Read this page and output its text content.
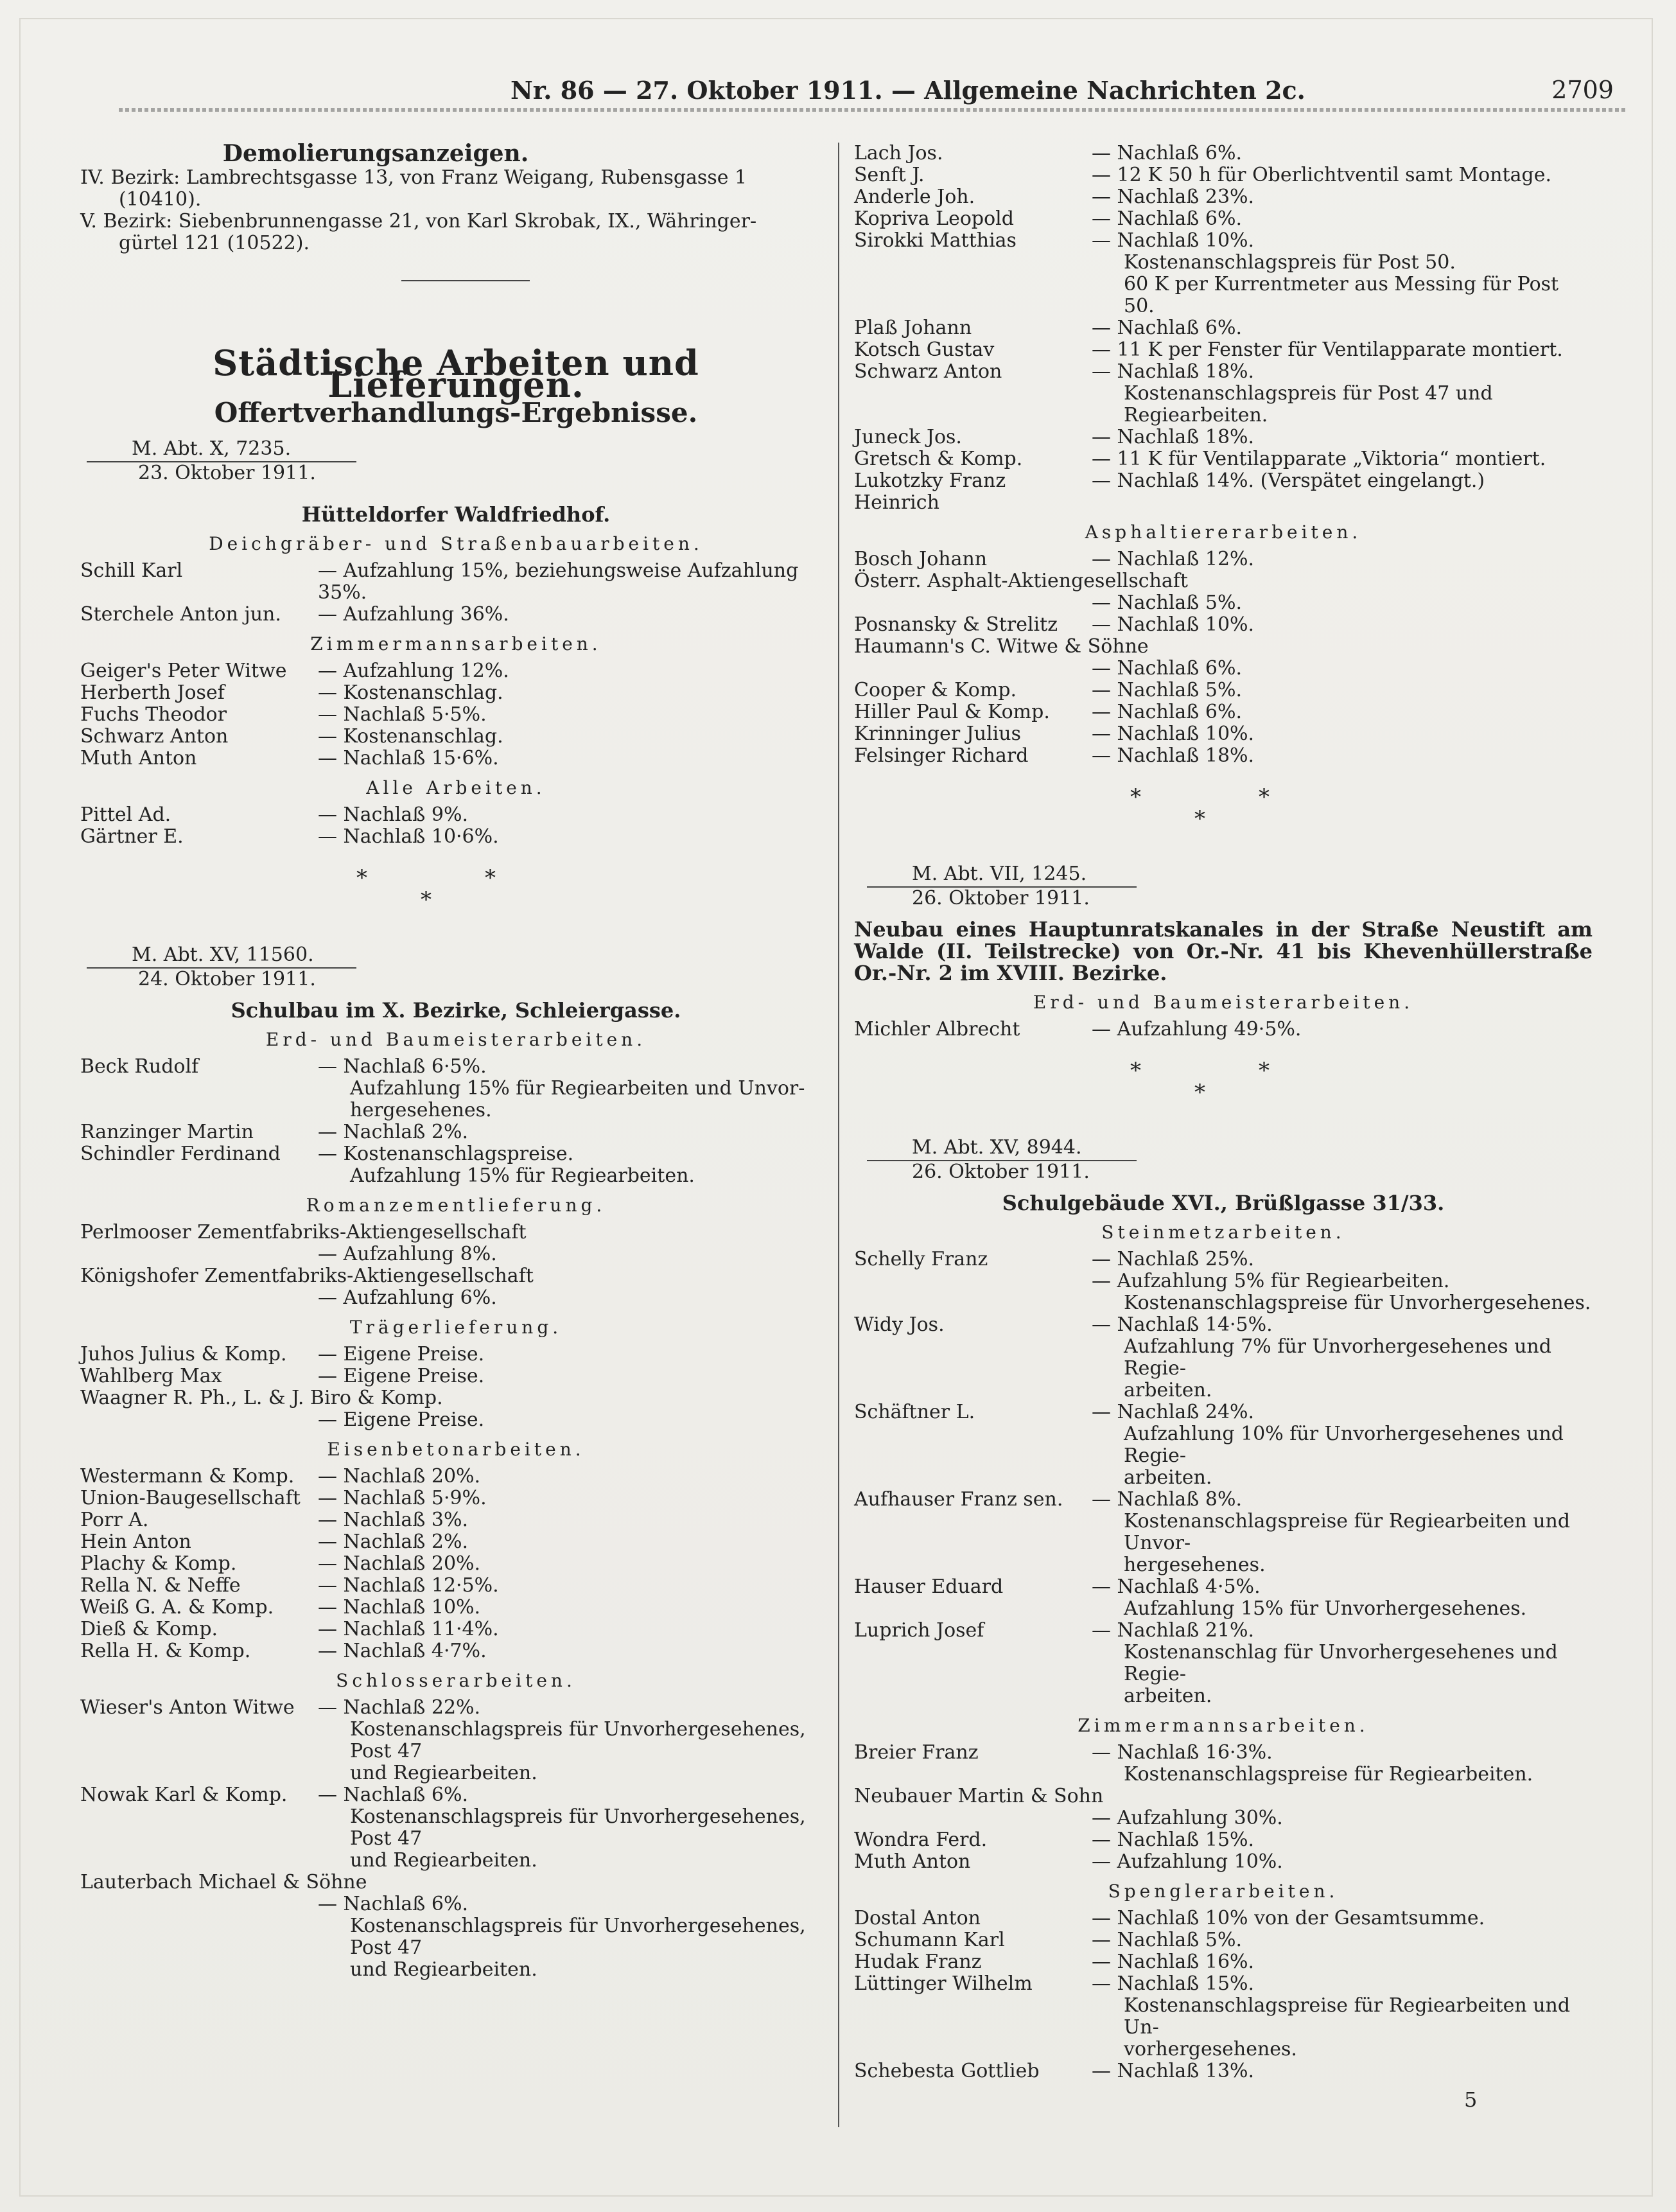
Nr. 86 — 27. Oktober 1911. — Allgemeine Nachrichten 2c.	2709
Demolierungsanzeigen.
IV. Bezirk: Lambrechtsgasse 13, von Franz Weigang, Rubensgasse 1
(10410).
V. Bezirk: Siebenbrunnengasse 21, von Karl Skrobak, IX., Währinger-
gürtel 121 (10522).
Städtische Arbeiten und Lieferungen.
Offertverhandlungs-Ergebnisse.
M. Abt. X, 7235.
23. Oktober 1911.
Hütteldorfer Waldfriedhof.
Deichgräber- und Straßenbauarbeiten.
Schill Karl	— Aufzahlung 15%, beziehungsweise Aufzahlung 35%.
Sterchele Anton jun.	— Aufzahlung 36%.
Zimmermannsarbeiten.
Geiger's Peter Witwe	— Aufzahlung 12%.
Herberth Josef	— Kostenanschlag.
Fuchs Theodor	— Nachlaß 5·5%.
Schwarz Anton	— Kostenanschlag.
Muth Anton	— Nachlaß 15·6%.
Alle Arbeiten.
Pittel Ad.	— Nachlaß 9%.
Gärtner E.	— Nachlaß 10·6%.
*
*
*
M. Abt. XV, 11560.
24. Oktober 1911.
Schulbau im X. Bezirke, Schleiergasse.
Erd- und Baumeisterarbeiten.
Beck Rudolf	— Nachlaß 6·5%.
Aufzahlung 15% für Regiearbeiten und Unvor-
hergesehenes.
Ranzinger Martin	— Nachlaß 2%.
Schindler Ferdinand	— Kostenanschlagspreise.
Aufzahlung 15% für Regiearbeiten.
Romanzementlieferung.
Perlmooser Zementfabriks-Aktiengesellschaft
— Aufzahlung 8%.
Königshofer Zementfabriks-Aktiengesellschaft
— Aufzahlung 6%.
Trägerlieferung.
Juhos Julius & Komp.	— Eigene Preise.
Wahlberg Max	— Eigene Preise.
Waagner R. Ph., L. & J. Biro & Komp.
— Eigene Preise.
Eisenbetonarbeiten.
Westermann & Komp.	— Nachlaß 20%.
Union-Baugesellschaft — Nachlaß 5·9%.
Porr A.	— Nachlaß 3%.
Hein Anton	— Nachlaß 2%.
Plachy & Komp.	— Nachlaß 20%.
Rella N. & Neffe	— Nachlaß 12·5%.
Weiß G. A. & Komp.	— Nachlaß 10%.
Dieß & Komp.	— Nachlaß 11·4%.
Rella H. & Komp.	— Nachlaß 4·7%.
Schlosserarbeiten.
Wieser's Anton Witwe	— Nachlaß 22%.
Kostenanschlagspreis für Unvorhergesehenes, Post 47
und Regiearbeiten.
Nowak Karl & Komp.	— Nachlaß 6%.
Kostenanschlagspreis für Unvorhergesehenes, Post 47
und Regiearbeiten.
Lauterbach Michael & Söhne
— Nachlaß 6%.
Kostenanschlagspreis für Unvorhergesehenes, Post 47
und Regiearbeiten.
Lach Jos.	— Nachlaß 6%.
Senft J.	— 12 K 50 h für Oberlichtventil samt Montage.
Anderle Joh.	— Nachlaß 23%.
Kopriva Leopold	— Nachlaß 6%.
Sirokki Matthias	— Nachlaß 10%.
Kostenanschlagspreis für Post 50.
60 K per Kurrentmeter aus Messing für Post 50.
Plaß Johann	— Nachlaß 6%.
Kotsch Gustav	— 11 K per Fenster für Ventilapparate montiert.
Schwarz Anton	— Nachlaß 18%.
Kostenanschlagspreis für Post 47 und Regiearbeiten.
Juneck Jos.	— Nachlaß 18%.
Gretsch & Komp.	— 11 K für Ventilapparate „Viktoria“ montiert.
Lukotzky Franz Heinrich
— Nachlaß 14%. (Verspätet eingelangt.)
Asphaltiererarbeiten.
Bosch Johann	— Nachlaß 12%.
Österr. Asphalt-Aktiengesellschaft
— Nachlaß 5%.
Posnansky & Strelitz	— Nachlaß 10%.
Haumann's C. Witwe & Söhne
— Nachlaß 6%.
Cooper & Komp.	— Nachlaß 5%.
Hiller Paul & Komp.	— Nachlaß 6%.
Krinninger Julius	— Nachlaß 10%.
Felsinger Richard	— Nachlaß 18%.
*
*
*
M. Abt. VII, 1245.
26. Oktober 1911.
Neubau eines Hauptunratskanales in der Straße Neustift am Walde (II. Teilstrecke) von Or.-Nr. 41 bis Khevenhüllerstraße Or.-Nr. 2 im XVIII. Bezirke.
Erd- und Baumeisterarbeiten.
Michler Albrecht	— Aufzahlung 49·5%.
*
*
*
M. Abt. XV, 8944.
26. Oktober 1911.
Schulgebäude XVI., Brüßlgasse 31/33.
Steinmetzarbeiten.
Schelly Franz	— Nachlaß 25%.
— Aufzahlung 5% für Regiearbeiten.
Kostenanschlagspreise für Unvorhergesehenes.
Widy Jos.	— Nachlaß 14·5%.
Aufzahlung 7% für Unvorhergesehenes und Regie-
arbeiten.
Schäftner L.	— Nachlaß 24%.
Aufzahlung 10% für Unvorhergesehenes und Regie-
arbeiten.
Aufhauser Franz sen.	— Nachlaß 8%.
Kostenanschlagspreise für Regiearbeiten und Unvor-
hergesehenes.
Hauser Eduard	— Nachlaß 4·5%.
Aufzahlung 15% für Unvorhergesehenes.
Luprich Josef	— Nachlaß 21%.
Kostenanschlag für Unvorhergesehenes und Regie-
arbeiten.
Zimmermannsarbeiten.
Breier Franz	— Nachlaß 16·3%.
Kostenanschlagspreise für Regiearbeiten.
Neubauer Martin & Sohn
— Aufzahlung 30%.
Wondra Ferd.	— Nachlaß 15%.
Muth Anton	— Aufzahlung 10%.
Spenglerarbeiten.
Dostal Anton	— Nachlaß 10% von der Gesamtsumme.
Schumann Karl	— Nachlaß 5%.
Hudak Franz	— Nachlaß 16%.
Lüttinger Wilhelm	— Nachlaß 15%.
Kostenanschlagspreise für Regiearbeiten und Un-
vorhergesehenes.
Schebesta Gottlieb	— Nachlaß 13%.
5
